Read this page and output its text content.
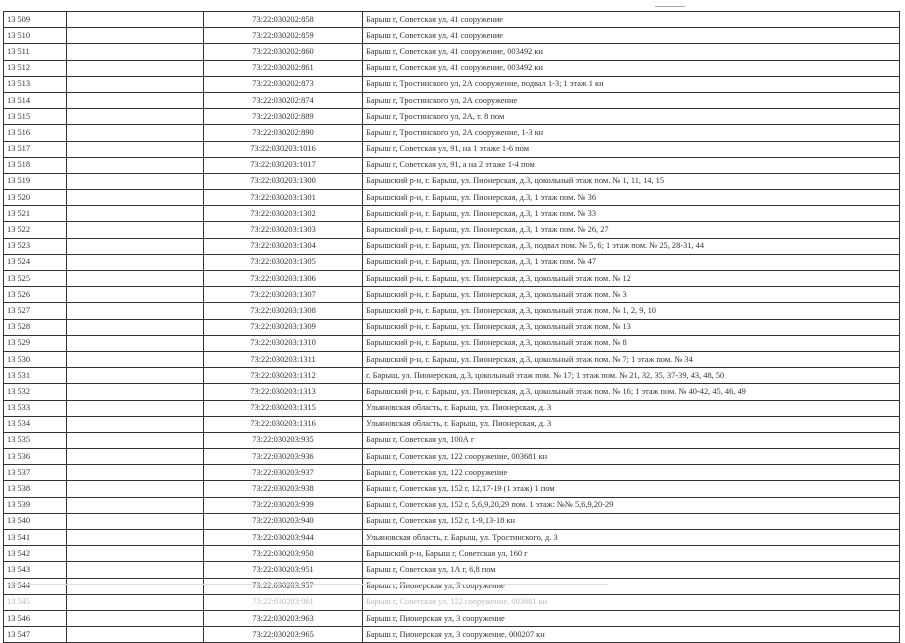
13 509		73:22:030202:858	Барыш г, Советская ул, 41 сооружение
13 510		73:22:030202:859	Барыш г, Советская ул, 41 сооружение
13 511		73:22:030202:860	Барыш г, Советская ул, 41 сооружение, 003492 кн
13 512		73:22:030202:861	Барыш г, Советская ул, 41 сооружение, 003492 кн
13 513		73:22:030202:873	Барыш г, Тростинского ул, 2А сооружение, подвал 1-3; 1 этаж 1 кн
13 514		73:22:030202:874	Барыш г, Тростинского ул, 2А сооружение
13 515		73:22:030202:889	Барыш г, Тростинского ул, 2А, т. 8 пом
13 516		73:22:030202:890	Барыш г, Тростинского ул, 2А сооружение, 1-3 кн
13 517		73:22:030203:1016	Барыш г, Советская ул, 91, на 1 этаже 1-6 пом
13 518		73:22:030203:1017	Барыш г, Советская ул, 91, а на 2 этаже 1-4 пом
13 519		73:22:030203:1300	Барышский р-н, г. Барыш, ул. Пионерская, д.3, цокольный этаж пом. № 1, 11, 14, 15
13 520		73:22:030203:1301	Барышский р-н, г. Барыш, ул. Пионерская, д.3, 1 этаж пом. № 36
13 521		73:22:030203:1302	Барышский р-н, г. Барыш, ул. Пионерская, д.3, 1 этаж пом. № 33
13 522		73:22:030203:1303	Барышский р-н, г. Барыш, ул. Пионерская, д.3, 1 этаж пом. № 26, 27
13 523		73:22:030203:1304	Барышский р-н, г. Барыш, ул. Пионерская, д.3, подвал пом. № 5, 6; 1 этаж пом. № 25, 28-31, 44
13 524		73:22:030203:1305	Барышский р-н, г. Барыш, ул. Пионерская, д.3, 1 этаж пом. № 47
13 525		73:22:030203:1306	Барышский р-н, г. Барыш, ул. Пионерская, д.3, цокольный этаж пом. № 12
13 526		73:22:030203:1307	Барышский р-н, г. Барыш, ул. Пионерская, д.3, цокольный этаж пом. № 3
13 527		73:22:030203:1308	Барышский р-н, г. Барыш, ул. Пионерская, д.3, цокольный этаж пом. № 1, 2, 9, 10
13 528		73:22:030203:1309	Барышский р-н, г. Барыш, ул. Пионерская, д.3, цокольный этаж пом. № 13
13 529		73:22:030203:1310	Барышский р-н, г. Барыш, ул. Пионерская, д.3, цокольный этаж пом. № 8
13 530		73:22:030203:1311	Барышский р-н, г. Барыш, ул. Пионерская, д.3, цокольный этаж пом. № 7; 1 этаж пом. № 34
13 531		73:22:030203:1312	г. Барыш, ул. Пионерская, д.3, цокольный этаж пом. № 17; 1 этаж пом. № 21, 32, 35, 37-39, 43, 48, 50
13 532		73:22:030203:1313	Барышский р-н, г. Барыш, ул. Пионерская, д.3, цокольный этаж пом. № 16; 1 этаж пом. № 40-42, 45, 46, 49
13 533		73:22:030203:1315	Ульяновская область, г. Барыш, ул. Пионерская, д. 3
13 534		73:22:030203:1316	Ульяновская область, г. Барыш, ул. Пионерская, д. 3
13 535		73:22:030203:935	Барыш г, Советская ул, 100А г
13 536		73:22:030203:936	Барыш г, Советская ул, 122 сооружение, 003681 кн
13 537		73:22:030203:937	Барыш г, Советская ул, 122 сооружение
13 538		73:22:030203:938	Барыш г, Советская ул, 152 г, 12,17-19 (1 этаж) 1 пом
13 539		73:22:030203:939	Барыш г, Советская ул, 152 г, 5,6,9,20,29 пом. 1 этаж: №№ 5,6,9,20-29
13 540		73:22:030203:940	Барыш г, Советская ул, 152 г, 1-9,13-18 кн
13 541		73:22:030203:944	Ульяновская область, г. Барыш, ул. Тростинского, д. 3
13 542		73:22:030203:950	Барышский р-н, Барыш г, Советская ул, 160 г
13 543		73:22:030203:951	Барыш г, Советская ул, 1А г, 6,8 пом
13 544		73:22:030203:957	Барыш г, Пионерская ул, 3 сооружение
13 545		73:22:030203:961	Барыш г, Советская ул, 122 сооружение, 003681 кн
13 546		73:22:030203:963	Барыш г, Пионерская ул, 3 сооружение
13 547		73:22:030203:965	Барыш г, Пионерская ул, 3 сооружение, 000207 кн
